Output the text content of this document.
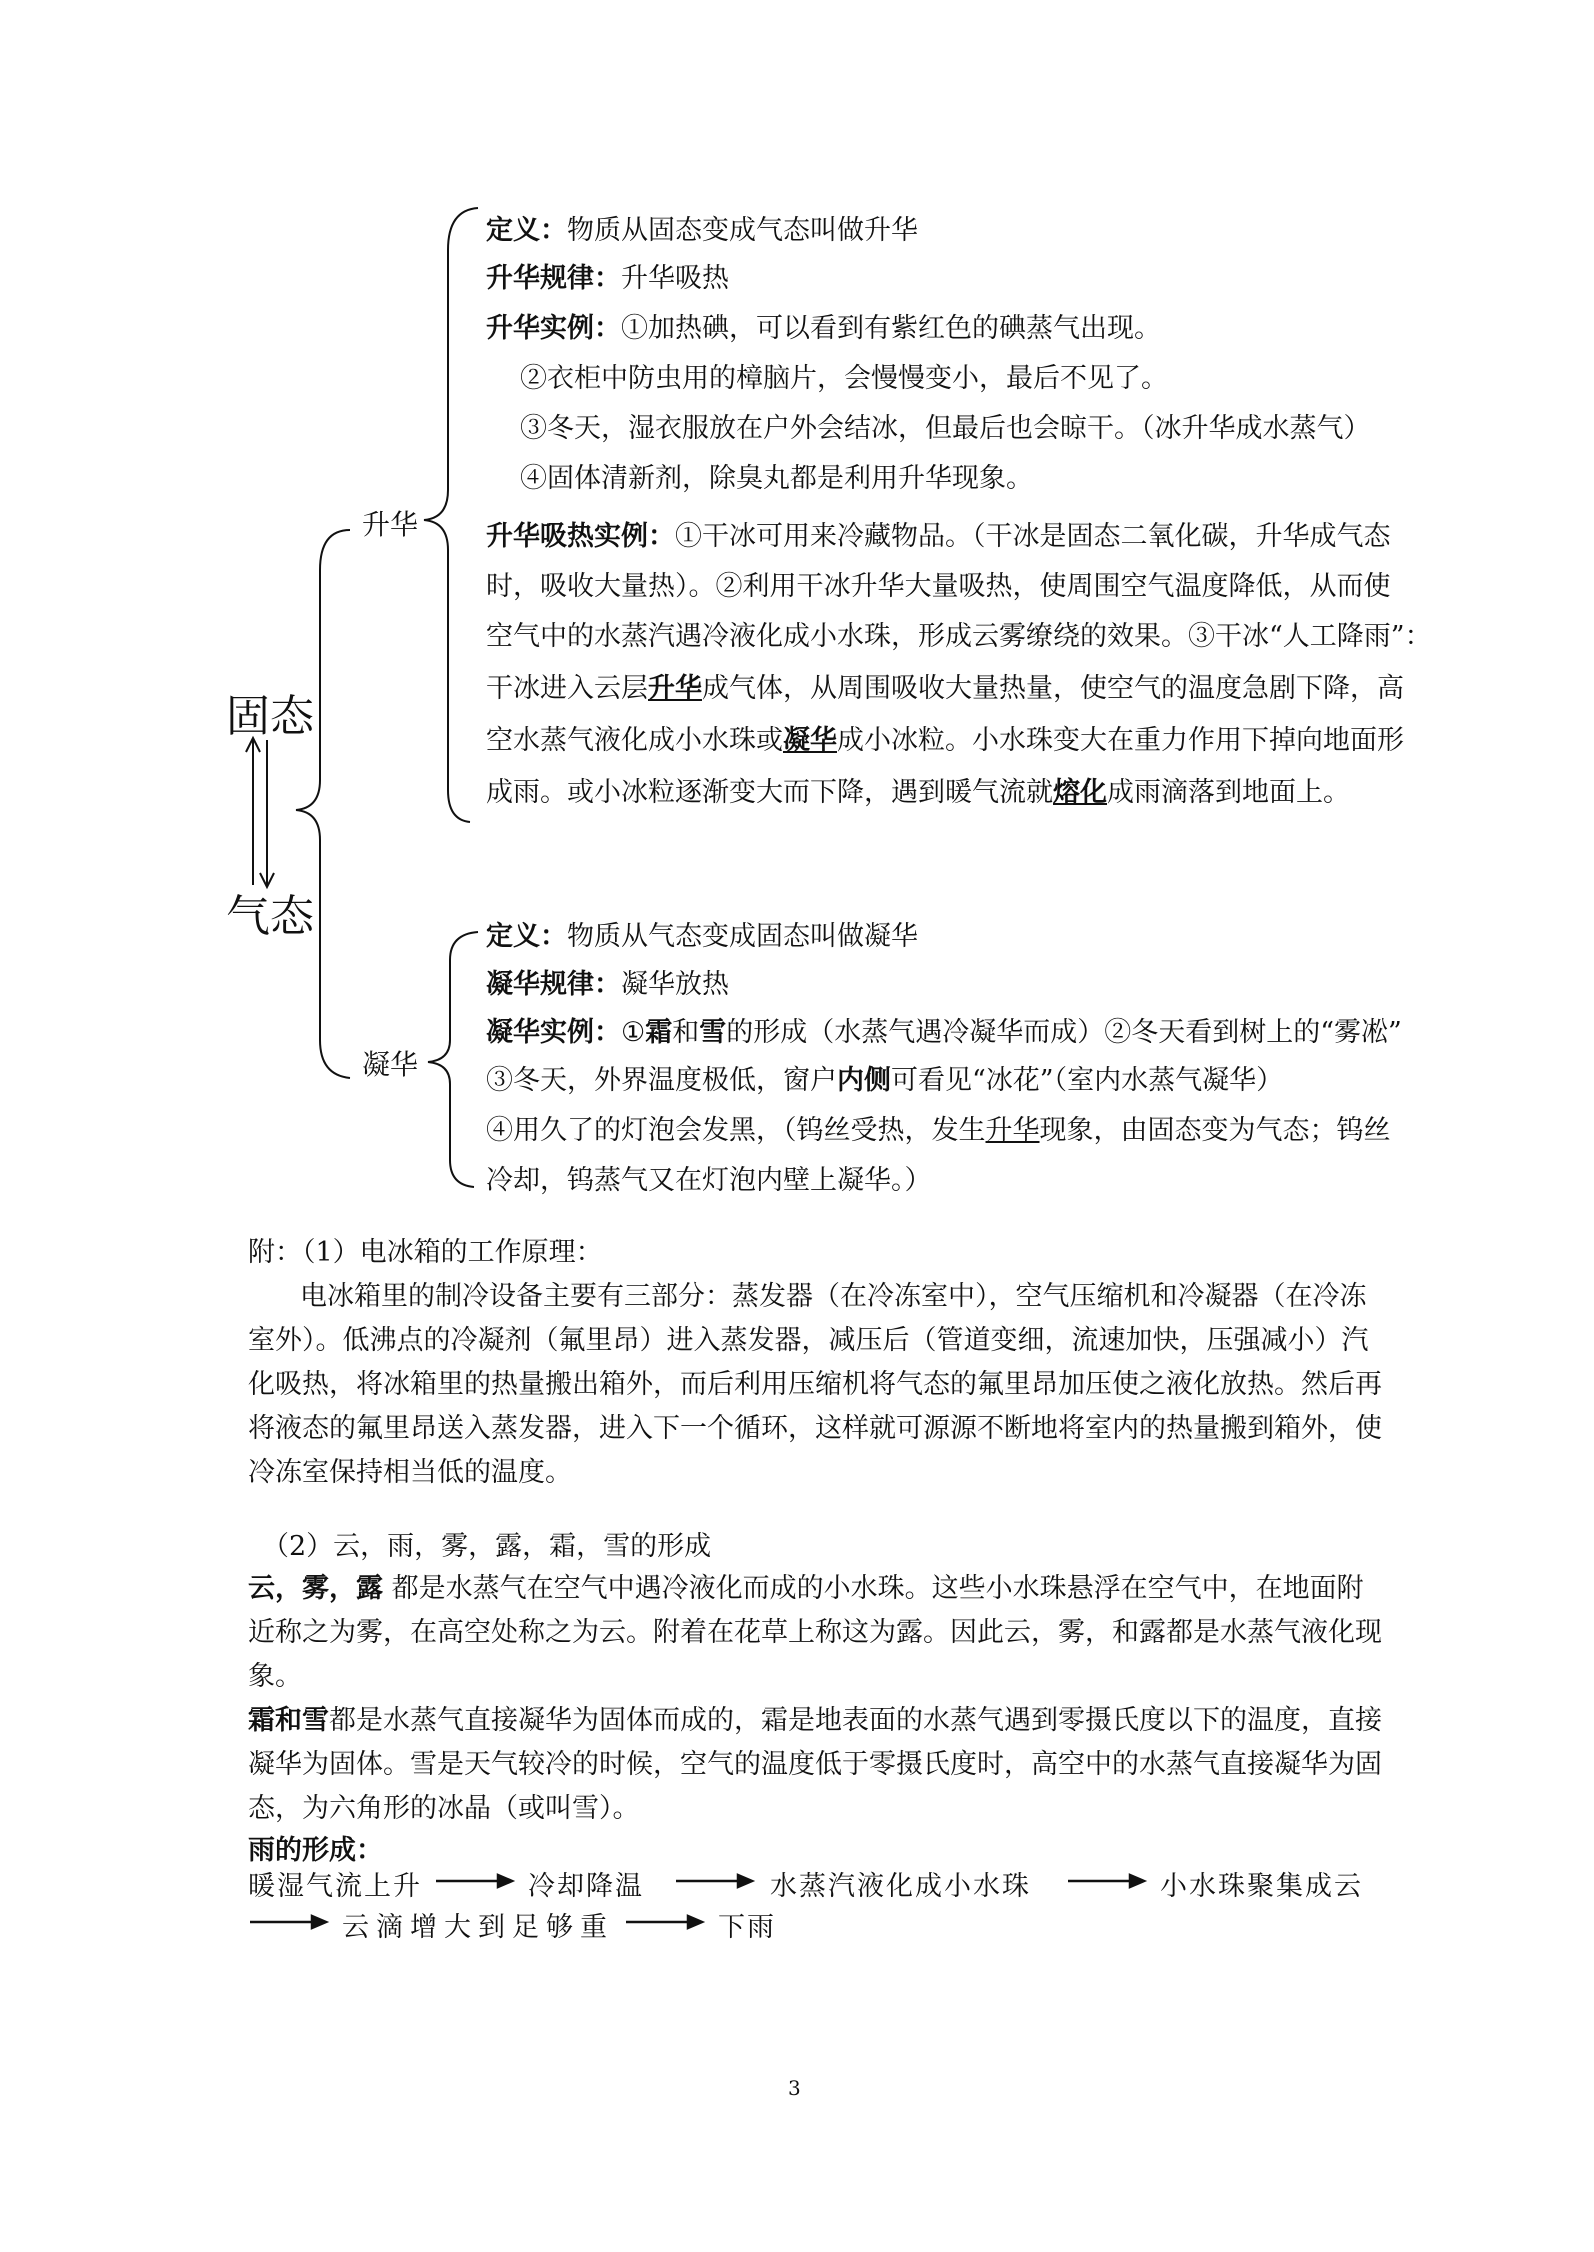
固态
气态
升华
凝华
定义：物质从固态变成气态叫做升华
升华规律：升华吸热
升华实例：①加热碘，可以看到有紫红色的碘蒸气出现。
②衣柜中防虫用的樟脑片，会慢慢变小，最后不见了。
③冬天，湿衣服放在户外会结冰，但最后也会晾干。（冰升华成水蒸气）
④固体清新剂，除臭丸都是利用升华现象。
升华吸热实例：①干冰可用来冷藏物品。（干冰是固态二氧化碳，升华成气态
时，吸收大量热）。②利用干冰升华大量吸热，使周围空气温度降低，从而使
空气中的水蒸汽遇冷液化成小水珠，形成云雾缭绕的效果。③干冰“人工降雨”：
干冰进入云层升华成气体，从周围吸收大量热量，使空气的温度急剧下降，高
空水蒸气液化成小水珠或凝华成小冰粒。小水珠变大在重力作用下掉向地面形
成雨。或小冰粒逐渐变大而下降，遇到暖气流就熔化成雨滴落到地面上。
定义：物质从气态变成固态叫做凝华
凝华规律：凝华放热
凝华实例：①霜和雪的形成（水蒸气遇冷凝华而成）②冬天看到树上的“雾凇”
③冬天，外界温度极低，窗户内侧可看见“冰花”（室内水蒸气凝华）
④用久了的灯泡会发黑，（钨丝受热，发生升华现象，由固态变为气态；钨丝
冷却，钨蒸气又在灯泡内壁上凝华。）
附：（1）电冰箱的工作原理：
电冰箱里的制冷设备主要有三部分：蒸发器（在冷冻室中），空气压缩机和冷凝器（在冷冻
室外）。低沸点的冷凝剂（氟里昂）进入蒸发器，减压后（管道变细，流速加快，压强减小）汽
化吸热，将冰箱里的热量搬出箱外，而后利用压缩机将气态的氟里昂加压使之液化放热。然后再
将液态的氟里昂送入蒸发器，进入下一个循环，这样就可源源不断地将室内的热量搬到箱外，使
冷冻室保持相当低的温度。
（2）云，雨，雾，露，霜，雪的形成
云，雾，露 都是水蒸气在空气中遇冷液化而成的小水珠。这些小水珠悬浮在空气中，在地面附
近称之为雾，在高空处称之为云。附着在花草上称这为露。因此云，雾，和露都是水蒸气液化现
象。
霜和雪都是水蒸气直接凝华为固体而成的，霜是地表面的水蒸气遇到零摄氏度以下的温度，直接
凝华为固体。雪是天气较冷的时候，空气的温度低于零摄氏度时，高空中的水蒸气直接凝华为固
态，为六角形的冰晶（或叫雪）。
雨的形成：
暖湿气流上升	冷却降温	水蒸汽液化成小水珠	小水珠聚集成云
云滴增大到足够重	下雨
3
